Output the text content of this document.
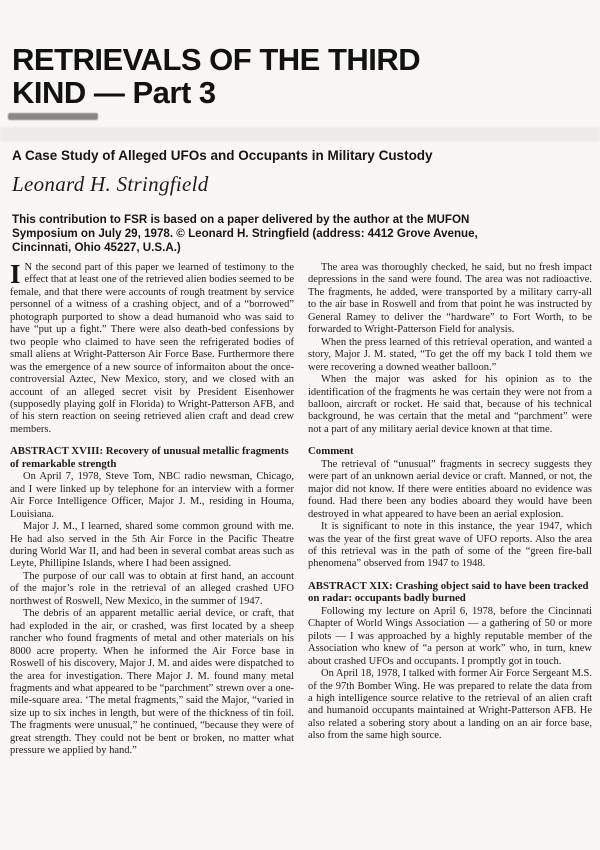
RETRIEVALS OF THE THIRD
KIND — Part 3
A Case Study of Alleged UFOs and Occupants in Military Custody
Leonard H. Stringfield

This contribution to FSR is based on a paper delivered by the author at the MUFON Symposium on July 29, 1978. © Leonard H. Stringfield (address: 4412 Grove Avenue, Cincinnati, Ohio 45227, U.S.A.)

I N the second part of this paper we learned of testimony to the effect that at least one of the retrieved alien bodies seemed to be female, and that there were accounts of rough treatment by service personnel of a witness of a crashing object, and of a “borrowed” photograph purported to show a dead humanoid who was said to have “put up a fight.” There were also death-bed confessions by two people who claimed to have seen the refrigerated bodies of small aliens at Wright-Patterson Air Force Base. Furthermore there was the emergence of a new source of informaiton about the once-controversial Aztec, New Mexico, story, and we closed with an account of an alleged secret visit by President Eisenhower (supposedly playing golf in Florida) to Wright-Patterson AFB, and of his stern reaction on seeing retrieved alien craft and dead crew members.

ABSTRACT XVIII: Recovery of unusual metallic fragments of remarkable strength

On April 7, 1978, Steve Tom, NBC radio newsman, Chicago, and I were linked up by telephone for an interview with a former Air Force Intelligence Officer, Major J. M., residing in Houma, Louisiana.

Major J. M., I learned, shared some common ground with me. He had also served in the 5th Air Force in the Pacific Theatre during World War II, and had been in several combat areas such as Leyte, Phillipine Islands, where I had been assigned.

The purpose of our call was to obtain at first hand, an account of the major’s role in the retrieval of an alleged crashed UFO northwest of Roswell, New Mexico, in the summer of 1947.

The debris of an apparent metallic aerial device, or craft, that had exploded in the air, or crashed, was first located by a sheep rancher who found fragments of metal and other materials on his 8000 acre property. When he informed the Air Force base in Roswell of his discovery, Major J. M. and aides were dispatched to the area for investigation. There Major J. M. found many metal fragments and what appeared to be “parchment” strewn over a one-mile-square area. ‘The metal fragments,” said the Major, “varied in size up to six inches in length, but were of the thickness of tin foil. The fragments were unusual,” he continued, “because they were of great strength. They could not be bent or broken, no matter what pressure we applied by hand.”

The area was thoroughly checked, he said, but no fresh impact depressions in the sand were found. The area was not radioactive. The fragments, he added, were transported by a military carry-all to the air base in Roswell and from that point he was instructed by General Ramey to deliver the “hardware” to Fort Worth, to be forwarded to Wright-Patterson Field for analysis.

When the press learned of this retrieval operation, and wanted a story, Major J. M. stated, “To get the off my back I told them we were recovering a downed weather balloon.”

When the major was asked for his opinion as to the identification of the fragments he was certain they were not from a balloon, aircraft or rocket. He said that, because of his technical background, he was certain that the metal and “parchment” were not a part of any military aerial device known at that time.

Comment

The retrieval of “unusual” fragments in secrecy suggests they were part of an unknown aerial device or craft. Manned, or not, the major did not know. If there were entities aboard no evidence was found. Had there been any bodies aboard they would have been destroyed in what appeared to have been an aerial explosion.

It is significant to note in this instance, the year 1947, which was the year of the first great wave of UFO reports. Also the area of this retrieval was in the path of some of the “green fire-ball phenomena” observed from 1947 to 1948.

ABSTRACT XIX: Crashing object said to have been tracked on radar: occupants badly burned

Following my lecture on April 6, 1978, before the Cincinnati Chapter of World Wings Association — a gathering of 50 or more pilots — I was approached by a highly reputable member of the Association who knew of “a person at work” who, in turn, knew about crashed UFOs and occupants. I promptly got in touch.

On April 18, 1978, I talked with former Air Force Sergeant M.S. of the 97th Bomber Wing. He was prepared to relate the data from a high intelligence source relative to the retrieval of an alien craft and humanoid occupants maintained at Wright-Patterson AFB. He also related a sobering story about a landing on an air force base, also from the same high source.
